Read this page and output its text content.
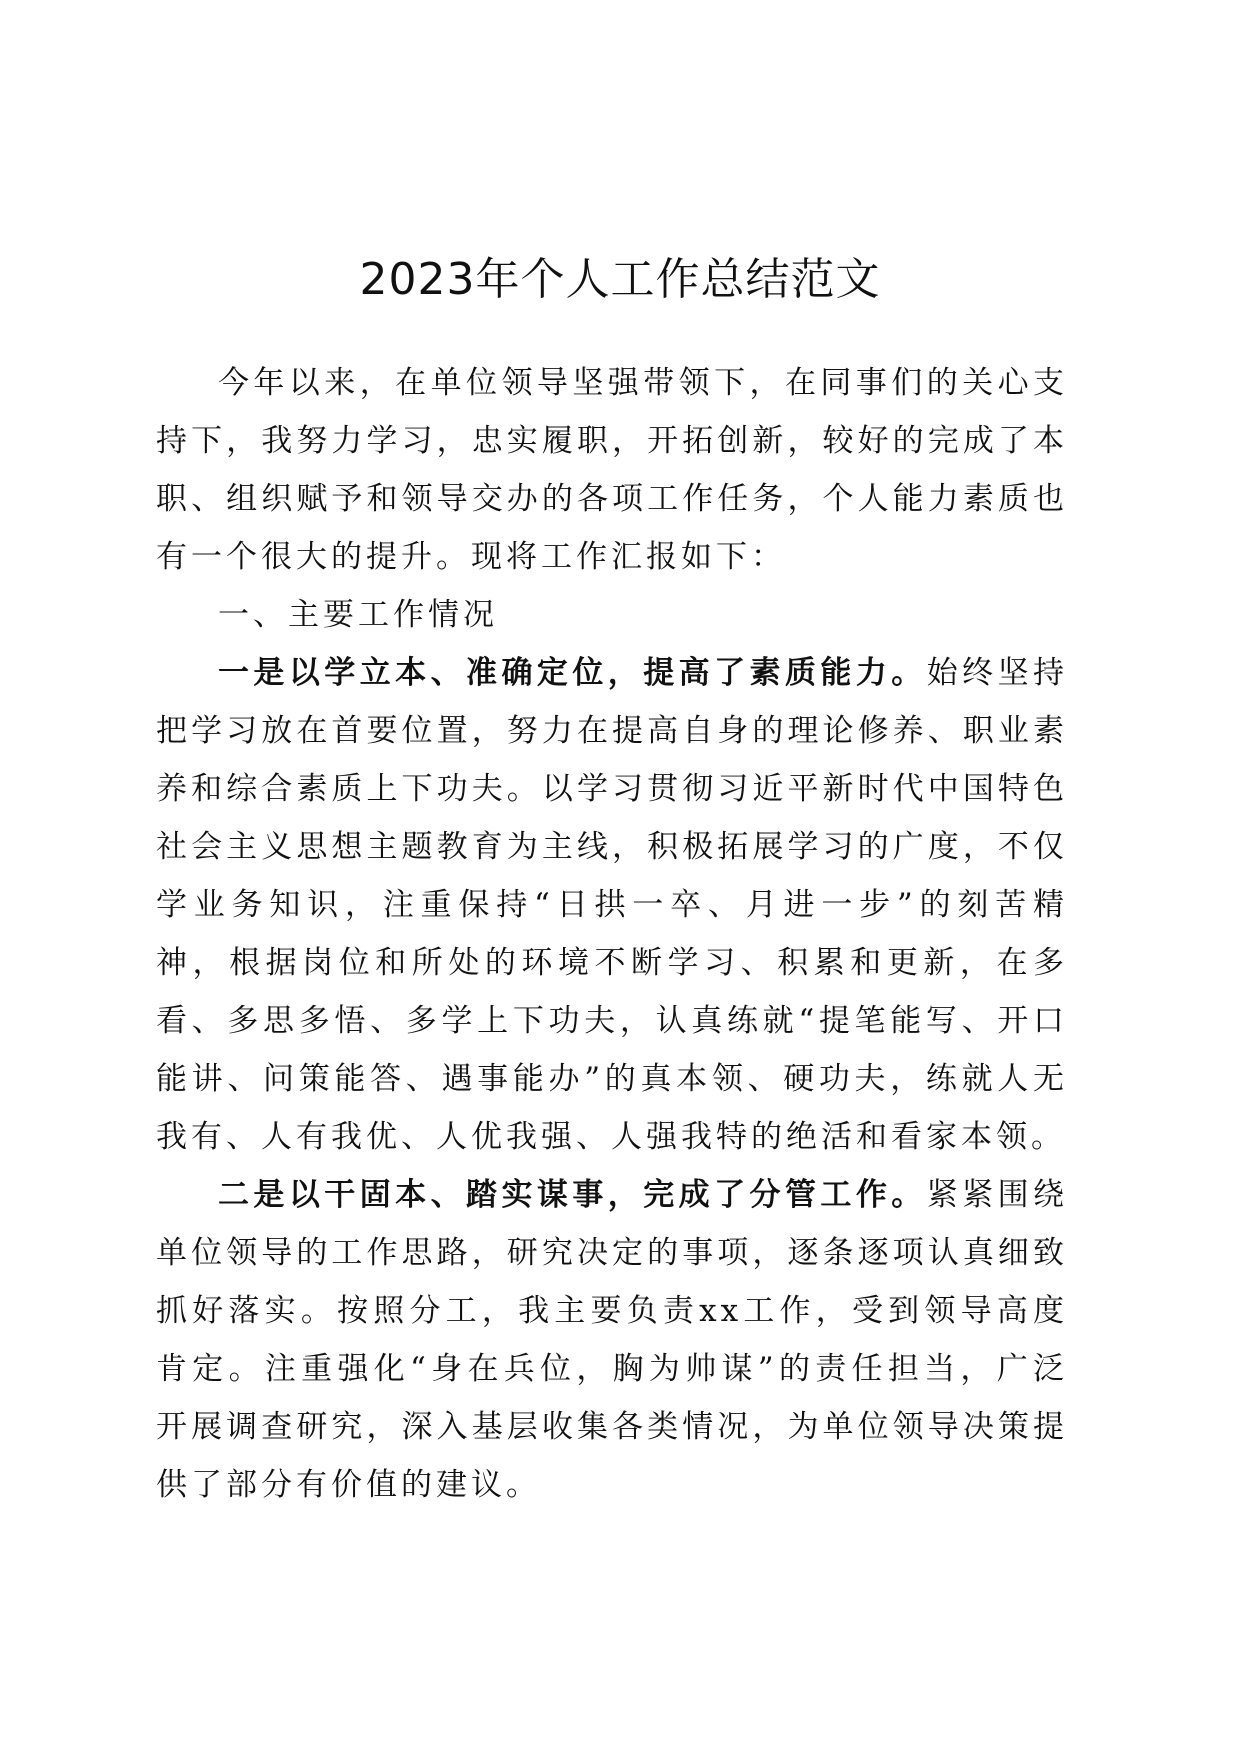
2023年个人工作总结范文

今年以来，在单位领导坚强带领下，在同事们的关心支持下，我努力学习，忠实履职，开拓创新，较好的完成了本职、组织赋予和领导交办的各项工作任务，个人能力素质也有一个很大的提升。现将工作汇报如下：

一、主要工作情况

一是以学立本、准确定位，提高了素质能力。始终坚持把学习放在首要位置，努力在提高自身的理论修养、职业素养和综合素质上下功夫。以学习贯彻习近平新时代中国特色社会主义思想主题教育为主线，积极拓展学习的广度，不仅学业务知识，注重保持“日拱一卒、月进一步”的刻苦精神，根据岗位和所处的环境不断学习、积累和更新，在多看、多思多悟、多学上下功夫，认真练就“提笔能写、开口能讲、问策能答、遇事能办”的真本领、硬功夫，练就人无我有、人有我优、人优我强、人强我特的绝活和看家本领。

二是以干固本、踏实谋事，完成了分管工作。紧紧围绕单位领导的工作思路，研究决定的事项，逐条逐项认真细致抓好落实。按照分工，我主要负责xx工作，受到领导高度肯定。注重强化“身在兵位，胸为帅谋”的责任担当，广泛开展调查研究，深入基层收集各类情况，为单位领导决策提供了部分有价值的建议。
